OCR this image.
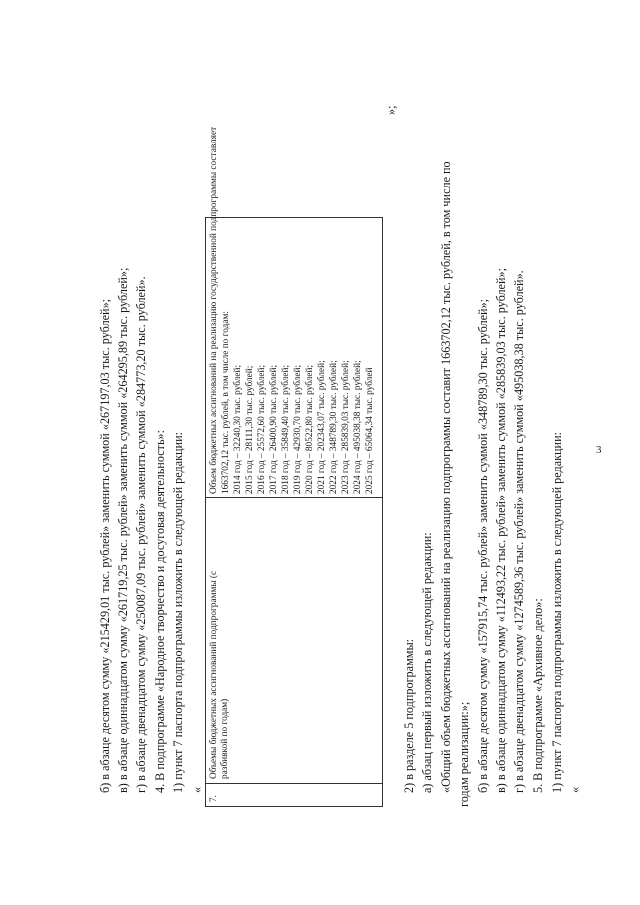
3
б) в абзаце десятом сумму «215429,01 тыс. рублей» заменить суммой «267197,03 тыс. рублей»; в) в абзаце одиннадцатом сумму «261719,25 тыс. рублей» заменить суммой «264295,89 тыс. рублей»; г) в абзаце двенадцатом сумму «250087,09 тыс. рублей» заменить суммой «284773,20 тыс. рублей». 4. В подпрограмме «Народное творчество и досуговая деятельность»: 1) пункт 7 паспорта подпрограммы изложить в следующей редакции: «
7.
Объемы бюджетных ассигнований подпрограммы (с разбивкой по годам)
Объем бюджетных ассигнований на реализацию государственной подпрограммы составляет 1663702,12 тыс. рублей, в том числе по годам: 2014 год – 32240,30 тыс. рублей; 2015 год – 28111,30 тыс. рублей; 2016 год – 25572,60 тыс. рублей; 2017 год – 26400,90 тыс. рублей; 2018 год – 35849,40 тыс. рублей; 2019 год – 42930,70 тыс. рублей; 2020 год – 80522,80 тыс. рублей; 2021 год – 202343,07 тыс. рублей; 2022 год – 348789,30 тыс. рублей; 2023 год – 285839,03 тыс. рублей; 2024 год – 495038,38 тыс. рублей; 2025 год – 65064,34 тыс. рублей
»;
2) в разделе 5 подпрограммы: а) абзац первый изложить в следующей редакции: «Общий объем бюджетных ассигнований на реализацию подпрограммы составит 1663702,12 тыс. рублей, в том числе по годам реализации:»; б) в абзаце десятом сумму «157915,74 тыс. рублей» заменить суммой «348789,30 тыс. рублей»; в) в абзаце одиннадцатом сумму «112493,22 тыс. рублей» заменить суммой «285839,03 тыс. рублей»; г) в абзаце двенадцатом сумму «1274589,36 тыс. рублей» заменить суммой «495038,38 тыс. рублей». 5. В подпрограмме «Архивное дело»: 1) пункт 7 паспорта подпрограммы изложить в следующей редакции: «
